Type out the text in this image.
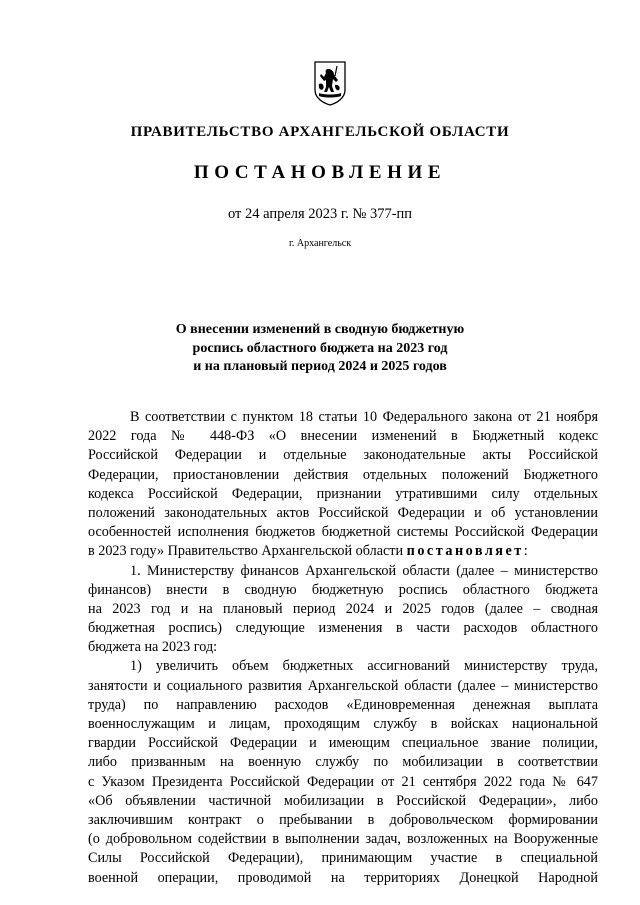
ПРАВИТЕЛЬСТВО АРХАНГЕЛЬСКОЙ ОБЛАСТИ
ПОСТАНОВЛЕНИЕ
от 24 апреля 2023 г. № 377-пп
г. Архангельск
О внесении изменений в сводную бюджетную
роспись областного бюджета на 2023 год
и на плановый период 2024 и 2025 годов
В соответствии с пунктом 18 статьи 10 Федерального закона от 21 ноября
2022 года № 448-ФЗ «О внесении изменений в Бюджетный кодекс
Российской Федерации и отдельные законодательные акты Российской
Федерации, приостановлении действия отдельных положений Бюджетного
кодекса Российской Федерации, признании утратившими силу отдельных
положений законодательных актов Российской Федерации и об установлении
особенностей исполнения бюджетов бюджетной системы Российской Федерации
в 2023 году» Правительство Архангельской области постановляет:
1. Министерству финансов Архангельской области (далее – министерство
финансов) внести в сводную бюджетную роспись областного бюджета
на 2023 год и на плановый период 2024 и 2025 годов (далее – сводная
бюджетная роспись) следующие изменения в части расходов областного
бюджета на 2023 год:
1) увеличить объем бюджетных ассигнований министерству труда,
занятости и социального развития Архангельской области (далее – министерство
труда) по направлению расходов «Единовременная денежная выплата
военнослужащим и лицам, проходящим службу в войсках национальной
гвардии Российской Федерации и имеющим специальное звание полиции,
либо призванным на военную службу по мобилизации в соответствии
с Указом Президента Российской Федерации от 21 сентября 2022 года № 647
«Об объявлении частичной мобилизации в Российской Федерации», либо
заключившим контракт о пребывании в добровольческом формировании
(о добровольном содействии в выполнении задач, возложенных на Вооруженные
Силы Российской Федерации), принимающим участие в специальной
военной операции, проводимой на территориях Донецкой Народной
